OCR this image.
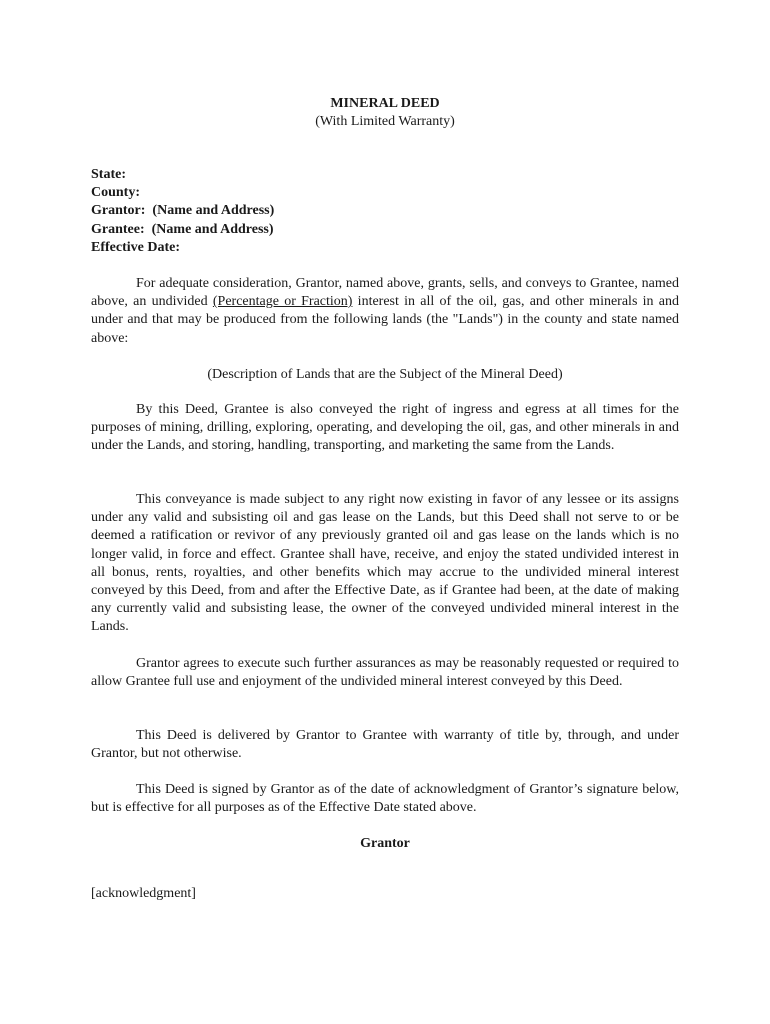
MINERAL DEED
(With Limited Warranty)
State:
County:
Grantor:  (Name and Address)
Grantee:  (Name and Address)
Effective Date:

For adequate consideration, Grantor, named above, grants, sells, and conveys to Grantee, named above, an undivided (Percentage or Fraction) interest in all of the oil, gas, and other minerals in and under and that may be produced from the following lands (the "Lands") in the county and state named above:

(Description of Lands that are the Subject of the Mineral Deed)

By this Deed, Grantee is also conveyed the right of ingress and egress at all times for the purposes of mining, drilling, exploring, operating, and developing the oil, gas, and other minerals in and under the Lands, and storing, handling, transporting, and marketing the same from the Lands.

This conveyance is made subject to any right now existing in favor of any lessee or its assigns under any valid and subsisting oil and gas lease on the Lands, but this Deed shall not serve to or be deemed a ratification or revivor of any previously granted oil and gas lease on the lands which is no longer valid, in force and effect. Grantee shall have, receive, and enjoy the stated undivided interest in all bonus, rents, royalties, and other benefits which may accrue to the undivided mineral interest conveyed by this Deed, from and after the Effective Date, as if Grantee had been, at the date of making any currently valid and subsisting lease, the owner of the conveyed undivided mineral interest in the Lands.

Grantor agrees to execute such further assurances as may be reasonably requested or required to allow Grantee full use and enjoyment of the undivided mineral interest conveyed by this Deed.

This Deed is delivered by Grantor to Grantee with warranty of title by, through, and under Grantor, but not otherwise.

This Deed is signed by Grantor as of the date of acknowledgment of Grantor’s signature below, but is effective for all purposes as of the Effective Date stated above.

Grantor
[acknowledgment]
